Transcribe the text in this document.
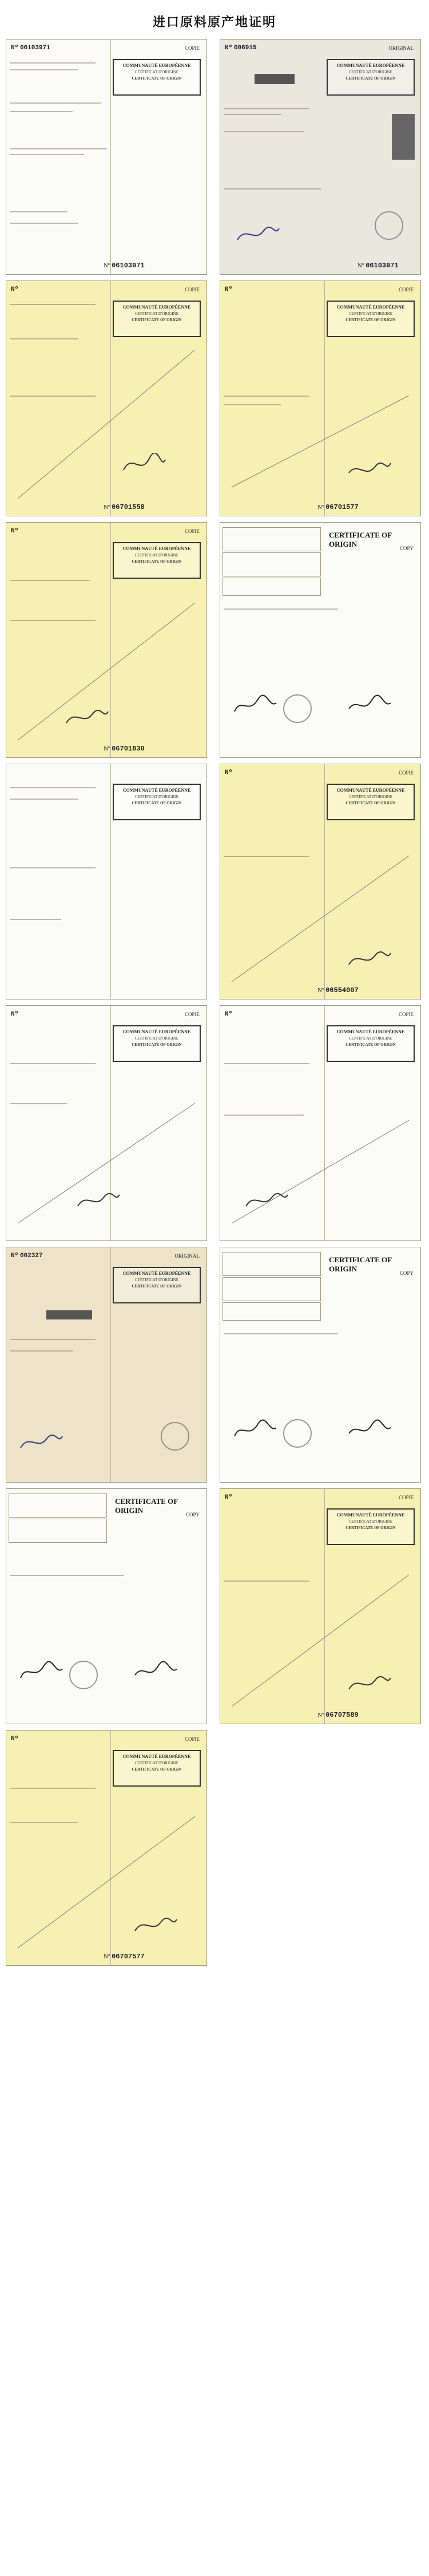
进口原料原产地证明
Nº 06103971	COPIE
COMMUNAUTÉ EUROPÉENNE
CERTIFICAT D'ORIGINE
CERTIFICATE OF ORIGIN
Nº 06103971
Nº 006915	ORIGINAL
COMMUNAUTÉ EUROPÉENNE
CERTIFICAT D'ORIGINE
CERTIFICATE OF ORIGIN
Nº 06103971
Nº	COPIE
COMMUNAUTÉ EUROPÉENNE
CERTIFICAT D'ORIGINE
CERTIFICATE OF ORIGIN
Nº 06701558
Nº	COPIE
COMMUNAUTÉ EUROPÉENNE
CERTIFICAT D'ORIGINE
CERTIFICATE OF ORIGIN
Nº 06701577
Nº	COPIE
COMMUNAUTÉ EUROPÉENNE
CERTIFICAT D'ORIGINE
CERTIFICATE OF ORIGIN
Nº 06701830
CERTIFICATE OF ORIGIN	COPY
COMMUNAUTÉ EUROPÉENNE
CERTIFICAT D'ORIGINE
CERTIFICATE OF ORIGIN
Nº	COPIE
COMMUNAUTÉ EUROPÉENNE
CERTIFICAT D'ORIGINE
CERTIFICATE OF ORIGIN
Nº 06554007
Nº	COPIE
COMMUNAUTÉ EUROPÉENNE
CERTIFICAT D'ORIGINE
CERTIFICATE OF ORIGIN
Nº	COPIE
COMMUNAUTÉ EUROPÉENNE
CERTIFICAT D'ORIGINE
CERTIFICATE OF ORIGIN
Nº 002327	ORIGINAL
COMMUNAUTÉ EUROPÉENNE
CERTIFICAT D'ORIGINE
CERTIFICATE OF ORIGIN
CERTIFICATE OF ORIGIN	COPY
CERTIFICATE OF ORIGIN	COPY
Nº	COPIE
COMMUNAUTÉ EUROPÉENNE
CERTIFICAT D'ORIGINE
CERTIFICATE OF ORIGIN
Nº 06707589
Nº	COPIE
COMMUNAUTÉ EUROPÉENNE
CERTIFICAT D'ORIGINE
CERTIFICATE OF ORIGIN
Nº 06707577
